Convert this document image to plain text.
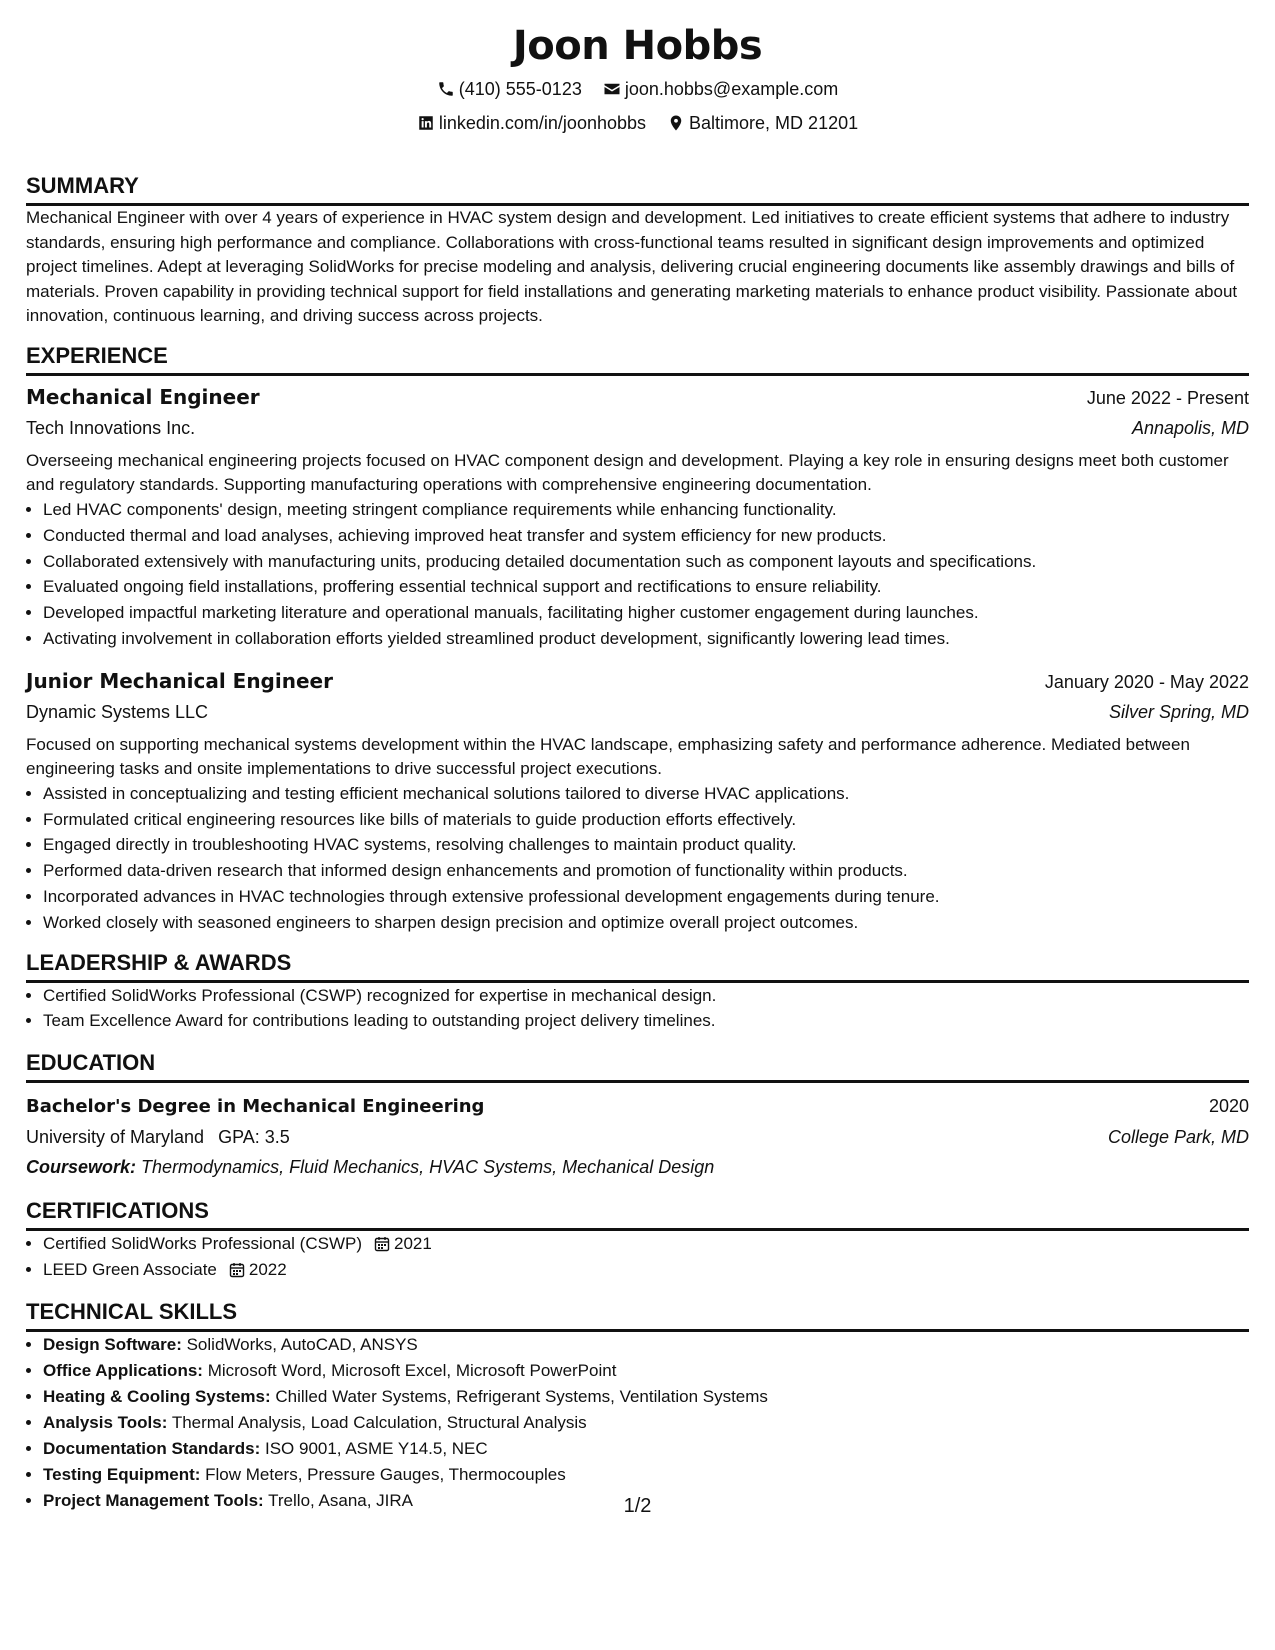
Joon Hobbs
(410) 555-0123
joon.hobbs@example.com
linkedin.com/in/joonhobbs
Baltimore, MD 21201
SUMMARY

Mechanical Engineer with over 4 years of experience in HVAC system design and development. Led initiatives to create efficient systems that adhere to industry standards, ensuring high performance and compliance. Collaborations with cross-functional teams resulted in significant design improvements and optimized project timelines. Adept at leveraging SolidWorks for precise modeling and analysis, delivering crucial engineering documents like assembly drawings and bills of materials. Proven capability in providing technical support for field installations and generating marketing materials to enhance product visibility. Passionate about innovation, continuous learning, and driving success across projects.

EXPERIENCE
Mechanical Engineer	June 2022 - Present
Tech Innovations Inc.	Annapolis, MD

Overseeing mechanical engineering projects focused on HVAC component design and development. Playing a key role in ensuring designs meet both customer and regulatory standards. Supporting manufacturing operations with comprehensive engineering documentation.

• Led HVAC components' design, meeting stringent compliance requirements while enhancing functionality.
• Conducted thermal and load analyses, achieving improved heat transfer and system efficiency for new products.
• Collaborated extensively with manufacturing units, producing detailed documentation such as component layouts and specifications.
• Evaluated ongoing field installations, proffering essential technical support and rectifications to ensure reliability.
• Developed impactful marketing literature and operational manuals, facilitating higher customer engagement during launches.
• Activating involvement in collaboration efforts yielded streamlined product development, significantly lowering lead times.
Junior Mechanical Engineer	January 2020 - May 2022
Dynamic Systems LLC	Silver Spring, MD

Focused on supporting mechanical systems development within the HVAC landscape, emphasizing safety and performance adherence. Mediated between engineering tasks and onsite implementations to drive successful project executions.

• Assisted in conceptualizing and testing efficient mechanical solutions tailored to diverse HVAC applications.
• Formulated critical engineering resources like bills of materials to guide production efforts effectively.
• Engaged directly in troubleshooting HVAC systems, resolving challenges to maintain product quality.
• Performed data-driven research that informed design enhancements and promotion of functionality within products.
• Incorporated advances in HVAC technologies through extensive professional development engagements during tenure.
• Worked closely with seasoned engineers to sharpen design precision and optimize overall project outcomes.
LEADERSHIP & AWARDS
• Certified SolidWorks Professional (CSWP) recognized for expertise in mechanical design.
• Team Excellence Award for contributions leading to outstanding project delivery timelines.
EDUCATION
Bachelor's Degree in Mechanical Engineering	2020
University of Maryland GPA: 3.5	College Park, MD
Coursework: Thermodynamics, Fluid Mechanics, HVAC Systems, Mechanical Design
CERTIFICATIONS
• Certified SolidWorks Professional (CSWP) 2021
• LEED Green Associate 2022
TECHNICAL SKILLS
• Design Software: SolidWorks, AutoCAD, ANSYS
• Office Applications: Microsoft Word, Microsoft Excel, Microsoft PowerPoint
• Heating & Cooling Systems: Chilled Water Systems, Refrigerant Systems, Ventilation Systems
• Analysis Tools: Thermal Analysis, Load Calculation, Structural Analysis
• Documentation Standards: ISO 9001, ASME Y14.5, NEC
• Testing Equipment: Flow Meters, Pressure Gauges, Thermocouples
• Project Management Tools: Trello, Asana, JIRA	1/2
